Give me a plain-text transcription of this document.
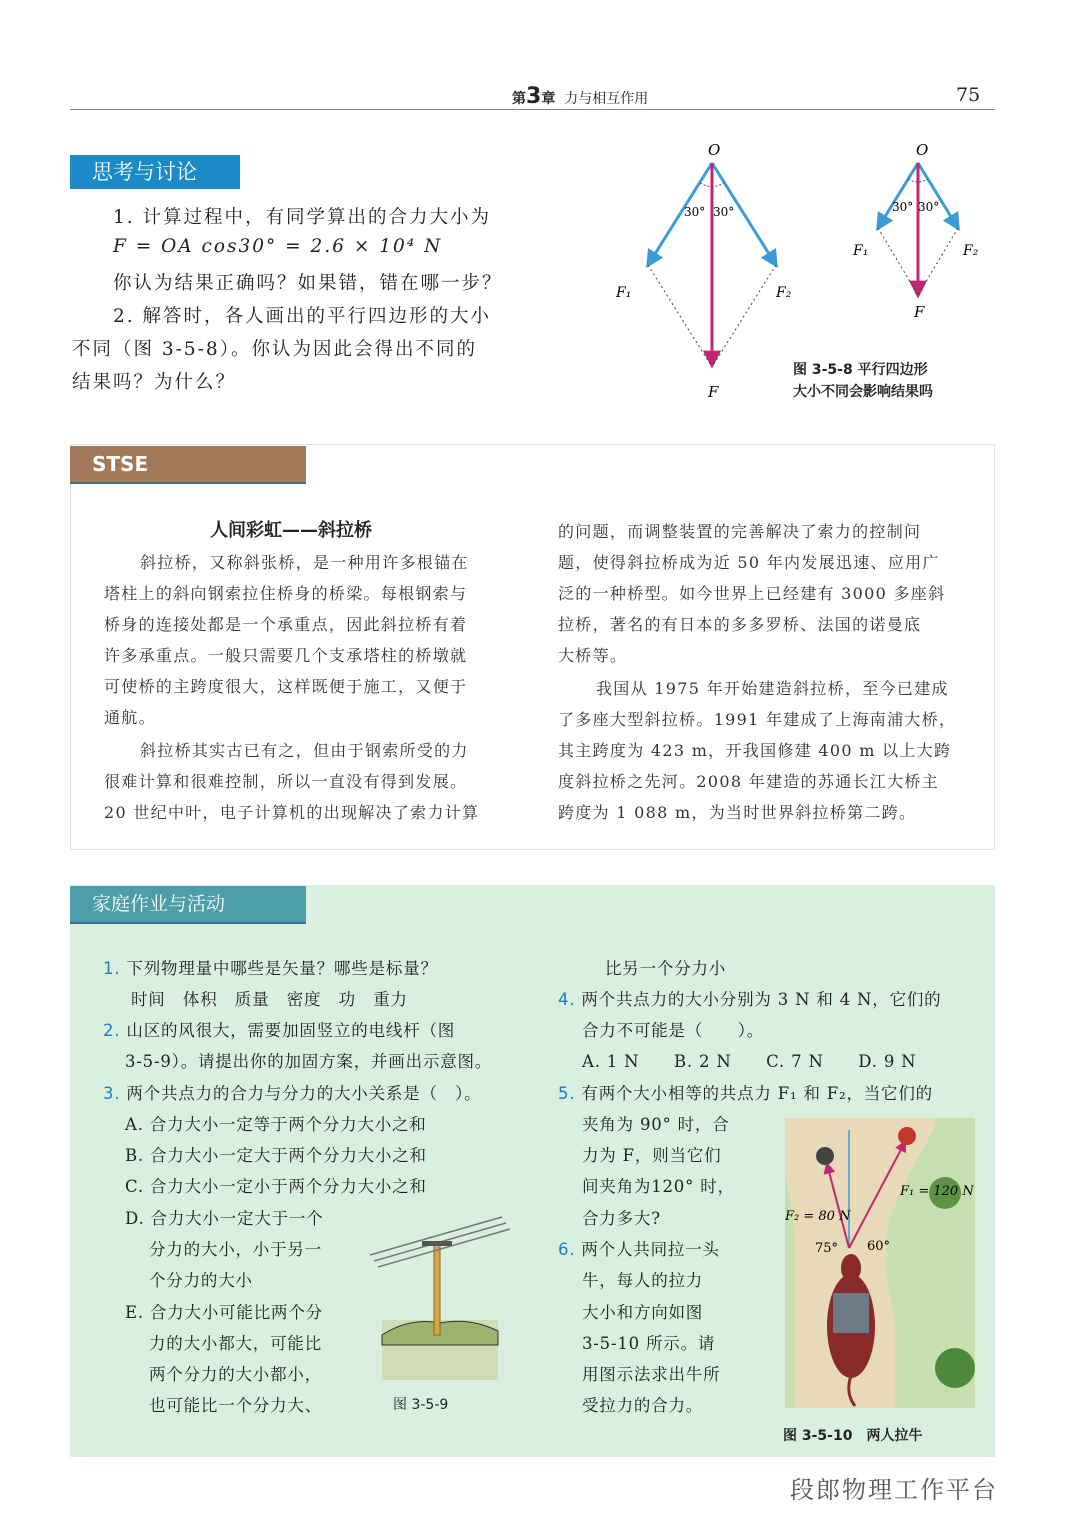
第3章 力与相互作用	75
思考与讨论
1. 计算过程中，有同学算出的合力大小为
F = OA cos30° = 2.6 × 10⁴ N
你认为结果正确吗？如果错，错在哪一步？
2. 解答时，各人画出的平行四边形的大小
不同（图 3-5-8）。你认为因此会得出不同的
结果吗？为什么？
O
30° 30°
F₁	F₂
F
O
30° 30°
F₁	F₂
F
图 3-5-8 平行四边形
大小不同会影响结果吗
STSE
人间彩虹——斜拉桥
斜拉桥，又称斜张桥，是一种用许多根锚在
塔柱上的斜向钢索拉住桥身的桥梁。每根钢索与
桥身的连接处都是一个承重点，因此斜拉桥有着
许多承重点。一般只需要几个支承塔柱的桥墩就
可使桥的主跨度很大，这样既便于施工，又便于
通航。
斜拉桥其实古已有之，但由于钢索所受的力
很难计算和很难控制，所以一直没有得到发展。
20 世纪中叶，电子计算机的出现解决了索力计算
的问题，而调整装置的完善解决了索力的控制问
题，使得斜拉桥成为近 50 年内发展迅速、应用广
泛的一种桥型。如今世界上已经建有 3000 多座斜
拉桥，著名的有日本的多多罗桥、法国的诺曼底
大桥等。
我国从 1975 年开始建造斜拉桥，至今已建成
了多座大型斜拉桥。1991 年建成了上海南浦大桥，
其主跨度为 423 m，开我国修建 400 m 以上大跨
度斜拉桥之先河。2008 年建造的苏通长江大桥主
跨度为 1 088 m，为当时世界斜拉桥第二跨。
家庭作业与活动
1. 下列物理量中哪些是矢量？哪些是标量？
时间　体积　质量　密度　功　重力
2. 山区的风很大，需要加固竖立的电线杆（图
3-5-9）。请提出你的加固方案，并画出示意图。
3. 两个共点力的合力与分力的大小关系是（　）。
A. 合力大小一定等于两个分力大小之和
B. 合力大小一定大于两个分力大小之和
C. 合力大小一定小于两个分力大小之和
D. 合力大小一定大于一个
分力的大小，小于另一
个分力的大小
E. 合力大小可能比两个分
力的大小都大，可能比
两个分力的大小都小，
也可能比一个分力大、
比另一个分力小
图 3-5-9
4. 两个共点力的大小分别为 3 N 和 4 N，它们的
合力不可能是（　　）。
A. 1 N　　B. 2 N　　C. 7 N　　D. 9 N
5. 有两个大小相等的共点力 F₁ 和 F₂，当它们的
夹角为 90° 时，合
力为 F，则当它们
间夹角为120° 时，
合力多大?
6. 两个人共同拉一头
牛，每人的拉力
大小和方向如图
3-5-10 所示。请
用图示法求出牛所
受拉力的合力。
F₁ = 120 N
F₂ = 80 N
75° 60°
图 3-5-10　两人拉牛
段郎物理工作平台
